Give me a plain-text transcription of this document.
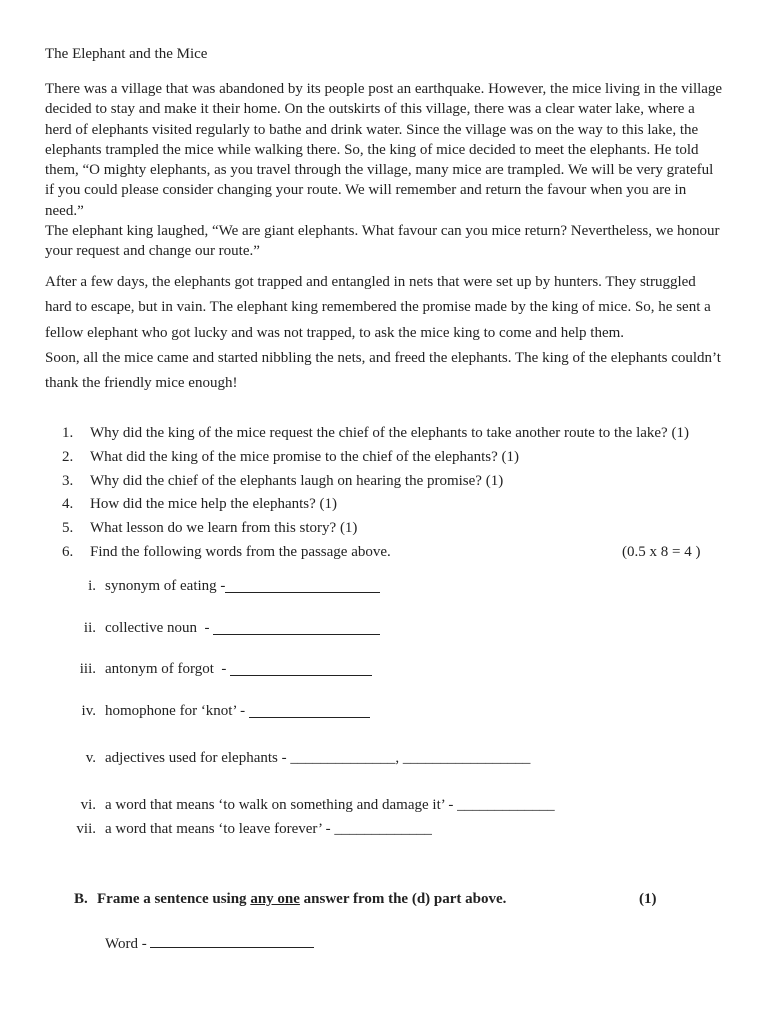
The Elephant and the Mice

There was a village that was abandoned by its people post an earthquake. However, the mice living in the village decided to stay and make it their home. On the outskirts of this village, there was a clear water lake, where a herd of elephants visited regularly to bathe and drink water. Since the village was on the way to this lake, the elephants trampled the mice while walking there. So, the king of mice decided to meet the elephants. He told them, “O mighty elephants, as you travel through the village, many mice are trampled. We will be very grateful if you could please consider changing your route. We will remember and return the favour when you are in need.”

The elephant king laughed, “We are giant elephants. What favour can you mice return? Nevertheless, we honour your request and change our route.”

After a few days, the elephants got trapped and entangled in nets that were set up by hunters. They struggled hard to escape, but in vain. The elephant king remembered the promise made by the king of mice. So, he sent a fellow elephant who got lucky and was not trapped, to ask the mice king to come and help them.

Soon, all the mice came and started nibbling the nets, and freed the elephants. The king of the elephants couldn’t thank the friendly mice enough!

1.	Why did the king of the mice request the chief of the elephants to take another route to the lake? (1)
2.	What did the king of the mice promise to the chief of the elephants? (1)
3.	Why did the chief of the elephants laugh on hearing the promise? (1)
4.	How did the mice help the elephants? (1)
5.	What lesson do we learn from this story? (1)
6.	Find the following words from the passage above.	(0.5 x 8 = 4 )
i. synonym of eating -
ii. collective noun  -
iii. antonym of forgot  -
iv. homophone for ‘knot’ -
v. adjectives used for elephants - ______________ , _________________
vi. a word that means ‘to walk on something and damage it’ - _____________
vii. a word that means ‘to leave forever’ - _____________
B. Frame a sentence using any one answer from the (d) part above.	(1)
Word -
